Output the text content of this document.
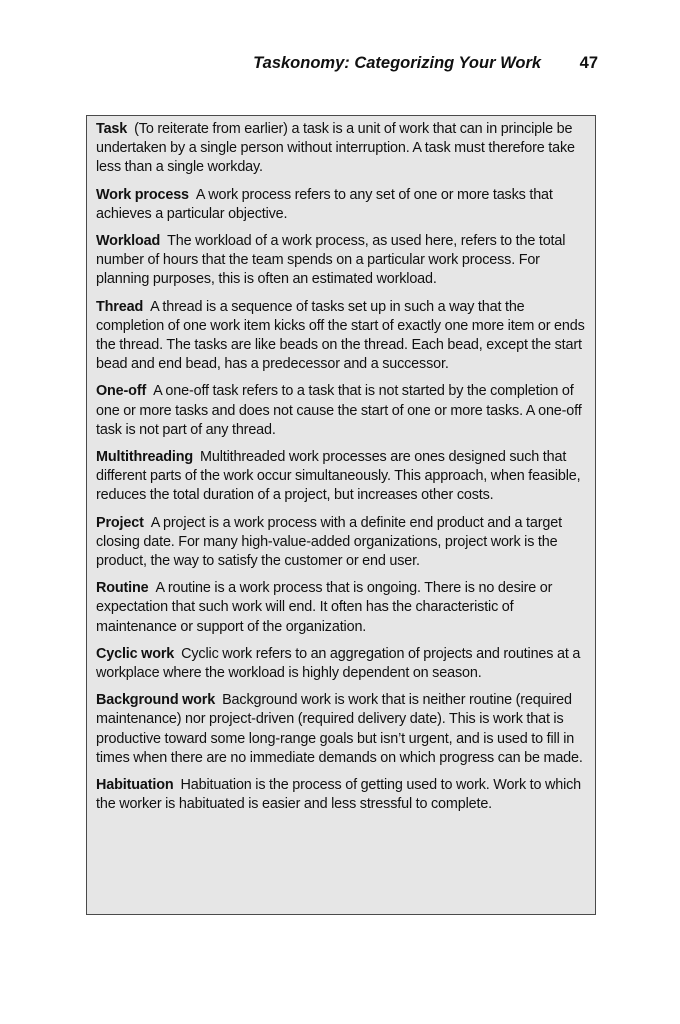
Taskonomy: Categorizing Your Work 47

Task (To reiterate from earlier) a task is a unit of work that can in principle be undertaken by a single person without interruption. A task must therefore take less than a single workday.

Work process A work process refers to any set of one or more tasks that achieves a particular objective.

Workload The workload of a work process, as used here, refers to the total number of hours that the team spends on a particular work process. For planning purposes, this is often an estimated workload.

Thread A thread is a sequence of tasks set up in such a way that the completion of one work item kicks off the start of exactly one more item or ends the thread. The tasks are like beads on the thread. Each bead, except the start bead and end bead, has a predecessor and a successor.

One-off A one-off task refers to a task that is not started by the completion of one or more tasks and does not cause the start of one or more tasks. A one-off task is not part of any thread.

Multithreading Multithreaded work processes are ones designed such that different parts of the work occur simultaneously. This approach, when feasible, reduces the total duration of a project, but increases other costs.

Project A project is a work process with a definite end product and a target closing date. For many high-value-added organizations, project work is the product, the way to satisfy the customer or end user.

Routine A routine is a work process that is ongoing. There is no desire or expectation that such work will end. It often has the characteristic of maintenance or support of the organization.

Cyclic work Cyclic work refers to an aggregation of projects and routines at a workplace where the workload is highly dependent on season.

Background work Background work is work that is neither routine (required maintenance) nor project-driven (required delivery date). This is work that is productive toward some long-range goals but isn’t urgent, and is used to fill in times when there are no immediate demands on which progress can be made.

Habituation Habituation is the process of getting used to work. Work to which the worker is habituated is easier and less stressful to complete.
